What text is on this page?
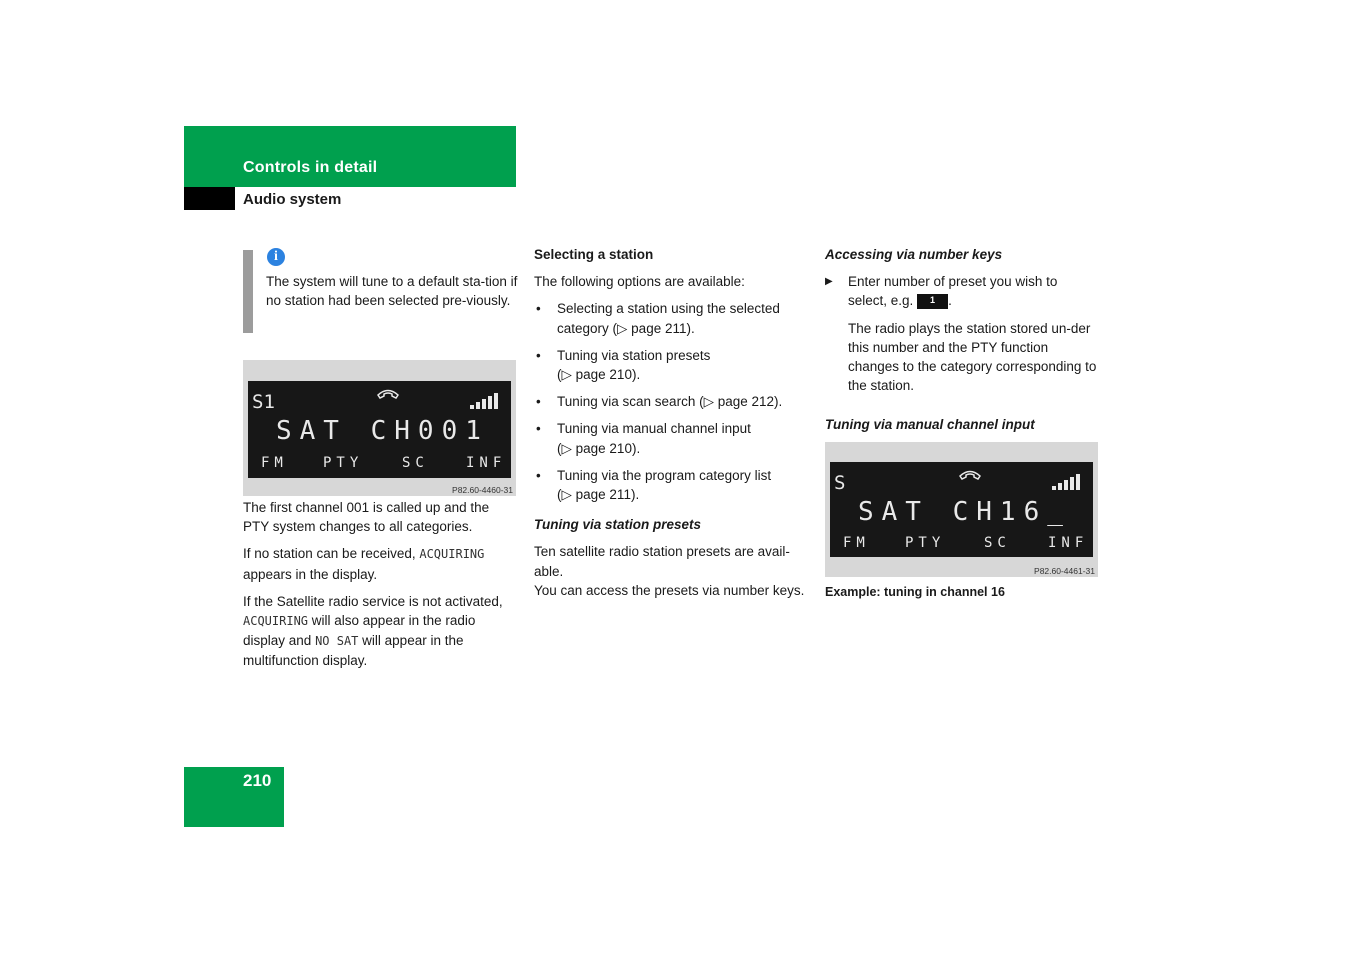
Controls in detail
Audio system
i
The system will tune to a default sta-tion if no station had been selected pre-viously.
S1
SAT CH001
FM	PTY	SC	INF
P82.60-4460-31

The first channel 001 is called up and the PTY system changes to all categories.

If no station can be received, ACQUIRING appears in the display.

If the Satellite radio service is not activated, ACQUIRING will also appear in the radio display and NO SAT will appear in the multifunction display.

Selecting a station

The following options are available:

• Selecting a station using the selected category (▷ page 211).
• Tuning via station presets
(▷ page 210).
• Tuning via scan search (▷ page 212).
• Tuning via manual channel input
(▷ page 210).
• Tuning via the program category list
(▷ page 211).

Tuning via station presets

Ten satellite radio station presets are avail-able.

You can access the presets via number keys.

Accessing via number keys

▶ Enter number of preset you wish to select, e.g. 1 .

The radio plays the station stored un-der this number and the PTY function changes to the category corresponding to the station.

Tuning via manual channel input

S
SAT CH16_
FM	PTY	SC	INF
P82.60-4461-31
Example: tuning in channel 16
210
